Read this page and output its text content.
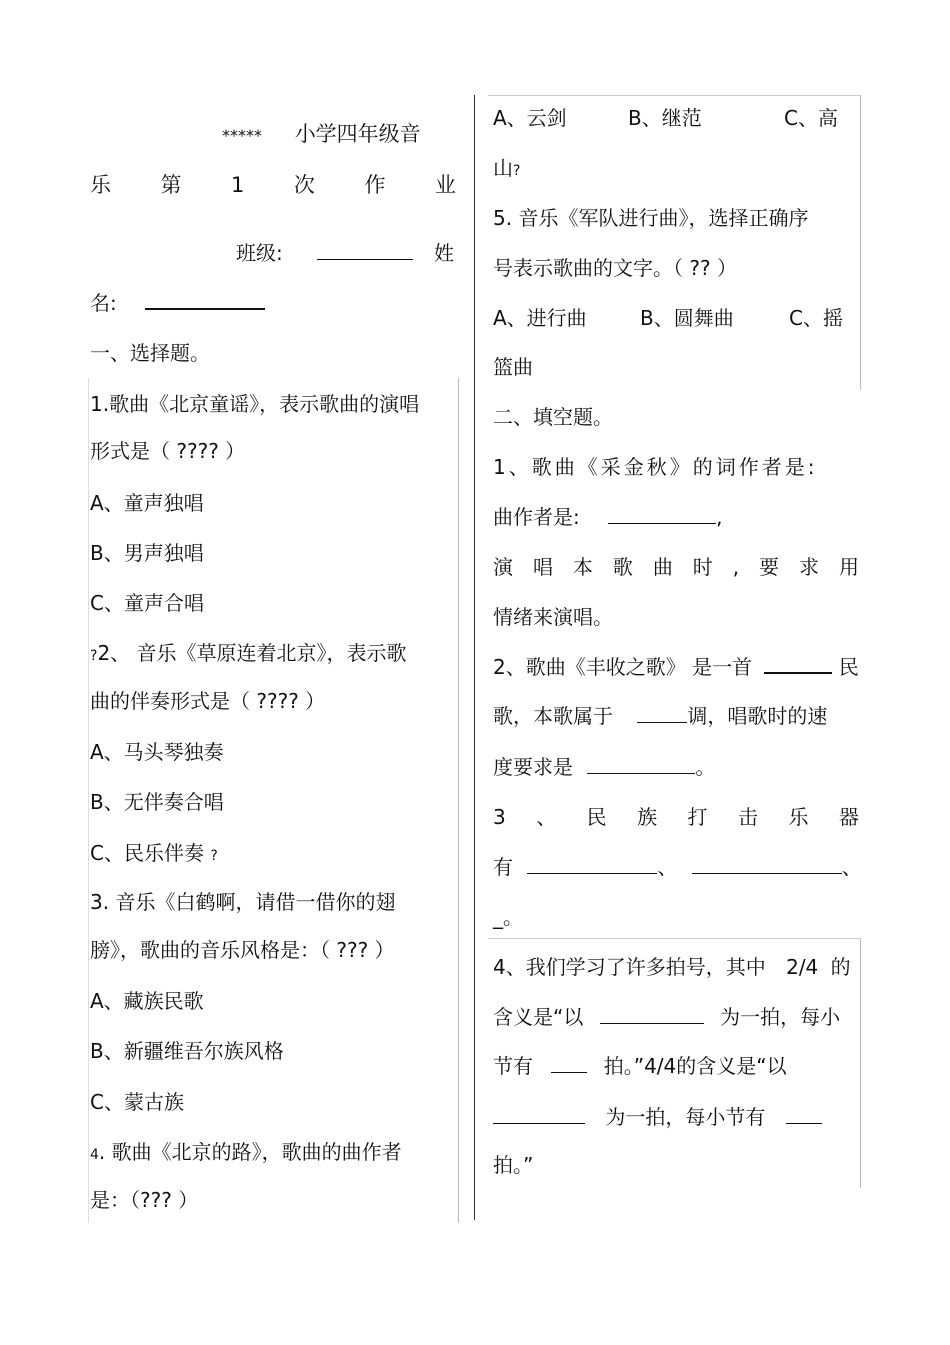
***** 小学四年级音
乐 第 1 次 作 业
班级:	姓
名:
一、选择题。
1.歌曲《北京童谣》，表示歌曲的演唱
形式是（ ???? ）
A、童声独唱
B、男声独唱
C、童声合唱
?2、 音乐《草原连着北京》，表示歌
曲的伴奏形式是（ ???? ）
A、马头琴独奏
B、无伴奏合唱
C、民乐伴奏 ?
3. 音乐《白鹤啊，请借一借你的翅
膀》，歌曲的音乐风格是：（ ??? ）
A、藏族民歌
B、新疆维吾尔族风格
C、蒙古族
4. 歌曲《北京的路》，歌曲的曲作者
是：（??? ）
A、云剑	B、继范	C、高
山?
5. 音乐《军队进行曲》，选择正确序
号表示歌曲的文字。（ ?? ）
A、进行曲	B、圆舞曲	C、摇
篮曲
二、填空题。
1、歌曲《采金秋》的词作者是:
曲作者是:	,
演 唱 本 歌 曲 时 , 要 求 用
情绪来演唱。
2、歌曲《丰收之歌》 是一首	民
歌，本歌属于	调，唱歌时的速
度要求是	。
3 、 民 族 打 击 乐 器
有	、	、
_。
4、我们学习了许多拍号，其中 2/4 的
含义是“以	为一拍，每小
节有	拍。”4/4的含义是“以
为一拍，每小节有
拍。”
